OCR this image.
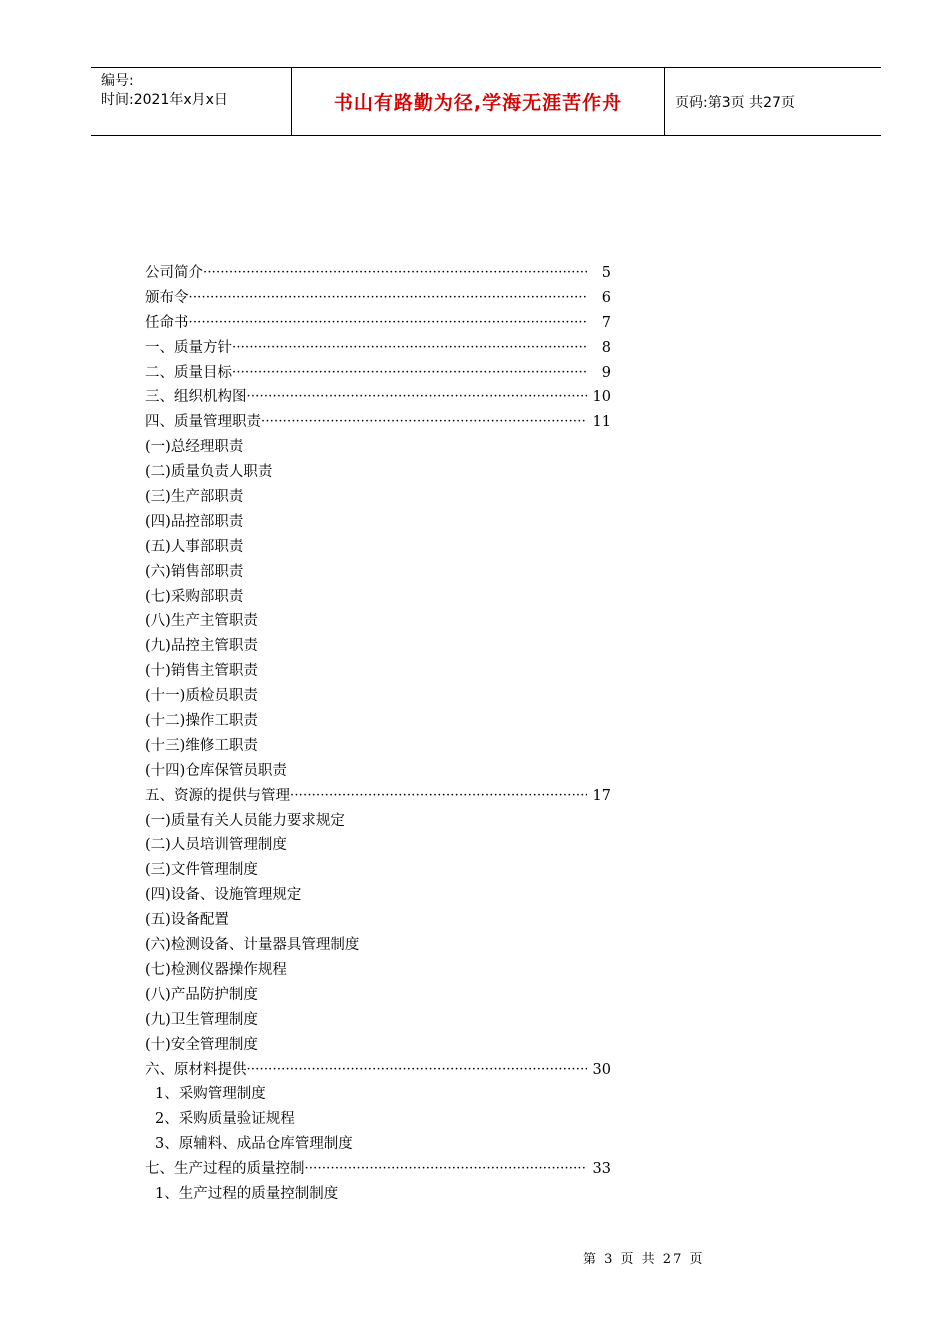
编号:
时间:2021年x月x日	书山有路勤为径,学海无涯苦作舟	页码:第3页 共27页
公司简介 ·····	5
颁布令 ·····	6
任命书 ·····	7
一、质量方针 ·····	8
二、质量目标 ·····	9
三、组织机构图 ·····	10
四、质量管理职责 ·····	11
(一)总经理职责
(二)质量负责人职责
(三)生产部职责
(四)品控部职责
(五)人事部职责
(六)销售部职责
(七)采购部职责
(八)生产主管职责
(九)品控主管职责
(十)销售主管职责
(十一)质检员职责
(十二)操作工职责
(十三)维修工职责
(十四)仓库保管员职责
五、资源的提供与管理 ·····	17
(一)质量有关人员能力要求规定
(二)人员培训管理制度
(三)文件管理制度
(四)设备、设施管理规定
(五)设备配置
(六)检测设备、计量器具管理制度
(七)检测仪器操作规程
(八)产品防护制度
(九)卫生管理制度
(十)安全管理制度
六、原材料提供 ·····	30
1、采购管理制度
2、采购质量验证规程
3、原辅料、成品仓库管理制度
七、生产过程的质量控制 ·····	33
1、生产过程的质量控制制度
第 3 页 共 27 页
